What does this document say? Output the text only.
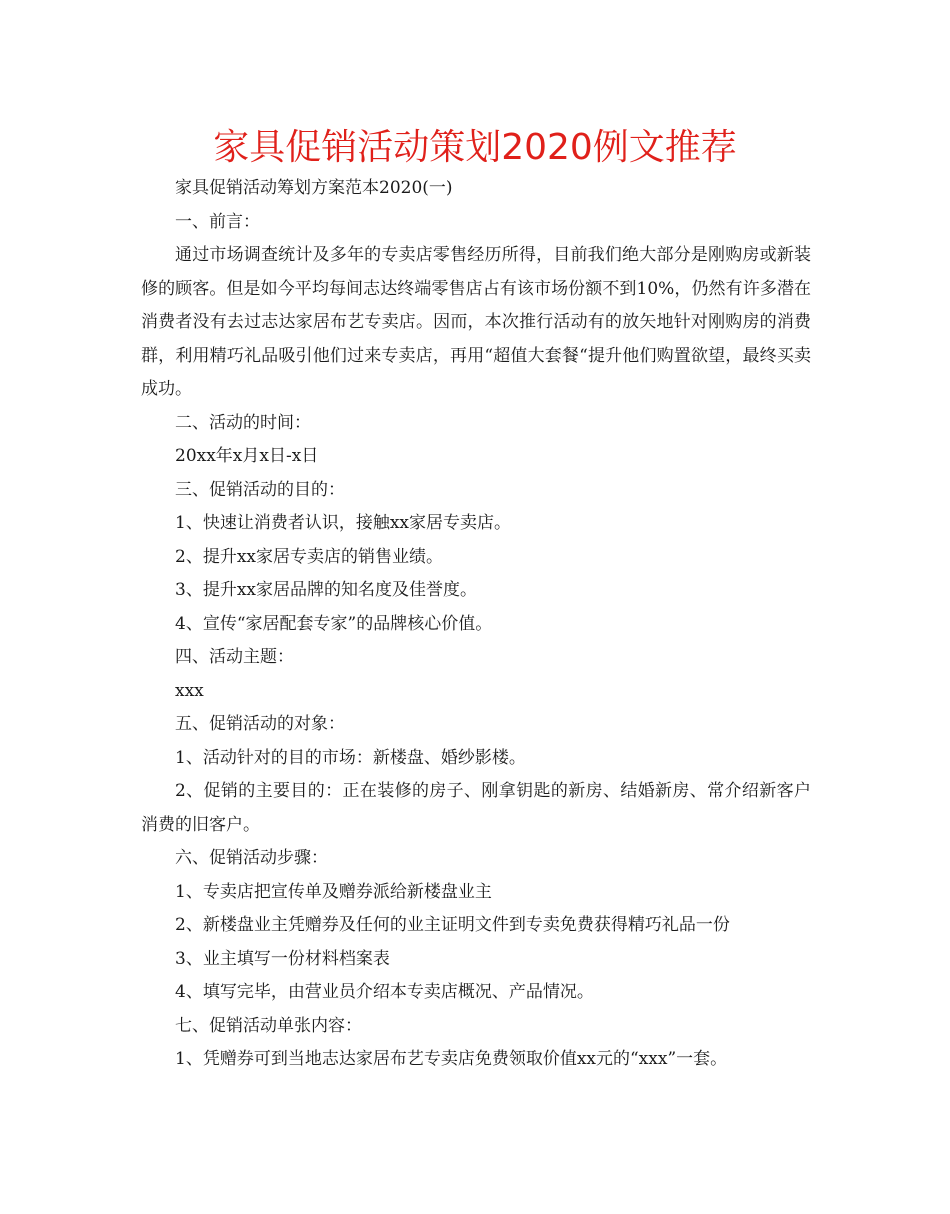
家具促销活动策划2020例文推荐

家具促销活动筹划方案范本2020(一)

一、前言：

通过市场调查统计及多年的专卖店零售经历所得，目前我们绝大部分是刚购房或新装修的顾客。但是如今平均每间志达终端零售店占有该市场份额不到10%，仍然有许多潜在消费者没有去过志达家居布艺专卖店。因而，本次推行活动有的放矢地针对刚购房的消费群，利用精巧礼品吸引他们过来专卖店，再用“超值大套餐“提升他们购置欲望，最终买卖成功。

二、活动的时间：

20xx年x月x日-x日

三、促销活动的目的：

1、快速让消费者认识，接触xx家居专卖店。

2、提升xx家居专卖店的销售业绩。

3、提升xx家居品牌的知名度及佳誉度。

4、宣传“家居配套专家”的品牌核心价值。

四、活动主题：

xxx

五、促销活动的对象：

1、活动针对的目的市场：新楼盘、婚纱影楼。

2、促销的主要目的：正在装修的房子、刚拿钥匙的新房、结婚新房、常介绍新客户消费的旧客户。

六、促销活动步骤：

1、专卖店把宣传单及赠券派给新楼盘业主

2、新楼盘业主凭赠券及任何的业主证明文件到专卖免费获得精巧礼品一份

3、业主填写一份材料档案表

4、填写完毕，由营业员介绍本专卖店概况、产品情况。

七、促销活动单张内容：

1、凭赠券可到当地志达家居布艺专卖店免费领取价值xx元的“xxx”一套。
